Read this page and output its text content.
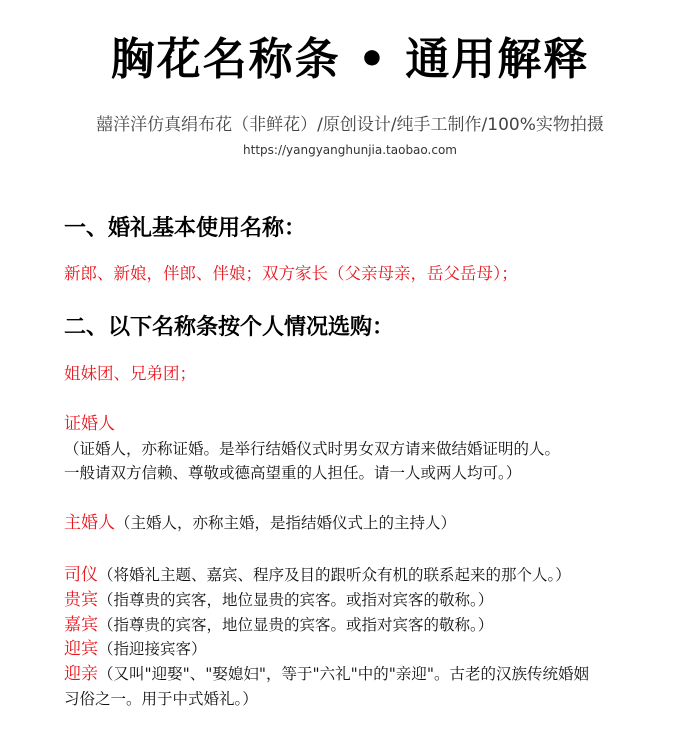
胸花名称条 • 通用解释
囍洋洋仿真绢布花（非鲜花）/原创设计/纯手工制作/100%实物拍摄
https://yangyanghunjia.taobao.com
一、婚礼基本使用名称：
新郎、新娘，伴郎、伴娘；双方家长（父亲母亲，岳父岳母）；
二、以下名称条按个人情况选购：
姐妹团、兄弟团；
证婚人
（证婚人，亦称证婚。是举行结婚仪式时男女双方请来做结婚证明的人。
一般请双方信赖、尊敬或德高望重的人担任。请一人或两人均可。）
主婚人（主婚人，亦称主婚，是指结婚仪式上的主持人）
司仪（将婚礼主题、嘉宾、程序及目的跟听众有机的联系起来的那个人。）
贵宾（指尊贵的宾客，地位显贵的宾客。或指对宾客的敬称。）
嘉宾（指尊贵的宾客，地位显贵的宾客。或指对宾客的敬称。）
迎宾（指迎接宾客）
迎亲（又叫"迎娶"、"娶媳妇"，等于"六礼"中的"亲迎"。古老的汉族传统婚姻
习俗之一。用于中式婚礼。）
